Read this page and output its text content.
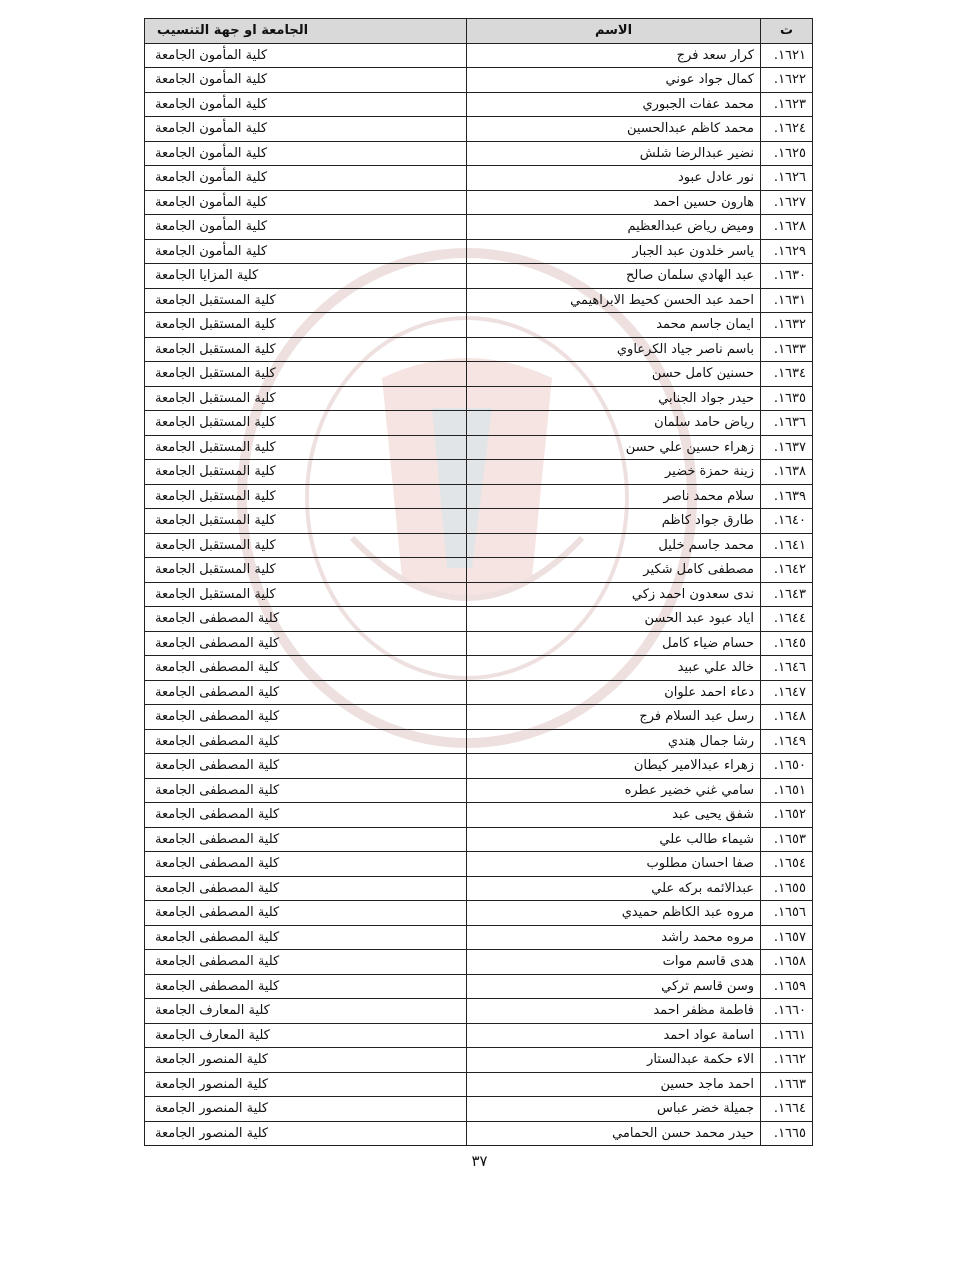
ت	الاسم	الجامعة او جهة التنسيب
١٦٢١.	كرار سعد فرج	كلية المأمون الجامعة
١٦٢٢.	كمال جواد عوني	كلية المأمون الجامعة
١٦٢٣.	محمد عفات الجبوري	كلية المأمون الجامعة
١٦٢٤.	محمد كاظم عبدالحسين	كلية المأمون الجامعة
١٦٢٥.	نضير عبدالرضا شلش	كلية المأمون الجامعة
١٦٢٦.	نور عادل عبود	كلية المأمون الجامعة
١٦٢٧.	هارون حسين احمد	كلية المأمون الجامعة
١٦٢٨.	وميض رياض عبدالعظيم	كلية المأمون الجامعة
١٦٢٩.	ياسر خلدون عبد الجبار	كلية المأمون الجامعة
١٦٣٠.	عبد الهادي سلمان صالح	كلية المزايا الجامعة
١٦٣١.	احمد عبد الحسن كحيط الابراهيمي	كلية المستقبل الجامعة
١٦٣٢.	ايمان جاسم محمد	كلية المستقبل الجامعة
١٦٣٣.	باسم ناصر جياد الكرعاوي	كلية المستقبل الجامعة
١٦٣٤.	حسنين كامل حسن	كلية المستقبل الجامعة
١٦٣٥.	حيدر جواد الجنابي	كلية المستقبل الجامعة
١٦٣٦.	رياض حامد سلمان	كلية المستقبل الجامعة
١٦٣٧.	زهراء حسين علي حسن	كلية المستقبل الجامعة
١٦٣٨.	زينة حمزة خضير	كلية المستقبل الجامعة
١٦٣٩.	سلام محمد ناصر	كلية المستقبل الجامعة
١٦٤٠.	طارق جواد كاظم	كلية المستقبل الجامعة
١٦٤١.	محمد جاسم خليل	كلية المستقبل الجامعة
١٦٤٢.	مصطفى كامل شكير	كلية المستقبل الجامعة
١٦٤٣.	ندى سعدون احمد زكي	كلية المستقبل الجامعة
١٦٤٤.	اياد عبود عبد الحسن	كلية المصطفى الجامعة
١٦٤٥.	حسام ضياء كامل	كلية المصطفى الجامعة
١٦٤٦.	خالد علي عبيد	كلية المصطفى الجامعة
١٦٤٧.	دعاء احمد علوان	كلية المصطفى الجامعة
١٦٤٨.	رسل عبد السلام فرج	كلية المصطفى الجامعة
١٦٤٩.	رشا جمال هندي	كلية المصطفى الجامعة
١٦٥٠.	زهراء عبدالامير كيطان	كلية المصطفى الجامعة
١٦٥١.	سامي غني خضير عطره	كلية المصطفى الجامعة
١٦٥٢.	شفق يحيى عبد	كلية المصطفى الجامعة
١٦٥٣.	شيماء طالب علي	كلية المصطفى الجامعة
١٦٥٤.	صفا احسان مطلوب	كلية المصطفى الجامعة
١٦٥٥.	عبدالائمه بركه علي	كلية المصطفى الجامعة
١٦٥٦.	مروه عبد الكاظم حميدي	كلية المصطفى الجامعة
١٦٥٧.	مروه محمد راشد	كلية المصطفى الجامعة
١٦٥٨.	هدى قاسم موات	كلية المصطفى الجامعة
١٦٥٩.	وسن قاسم تركي	كلية المصطفى الجامعة
١٦٦٠.	فاطمة مظفر احمد	كلية المعارف الجامعة
١٦٦١.	اسامة عواد احمد	كلية المعارف الجامعة
١٦٦٢.	الاء حكمة عبدالستار	كلية المنصور الجامعة
١٦٦٣.	احمد ماجد حسين	كلية المنصور الجامعة
١٦٦٤.	جميلة خضر عباس	كلية المنصور الجامعة
١٦٦٥.	حيدر محمد حسن الحمامي	كلية المنصور الجامعة
٣٧
